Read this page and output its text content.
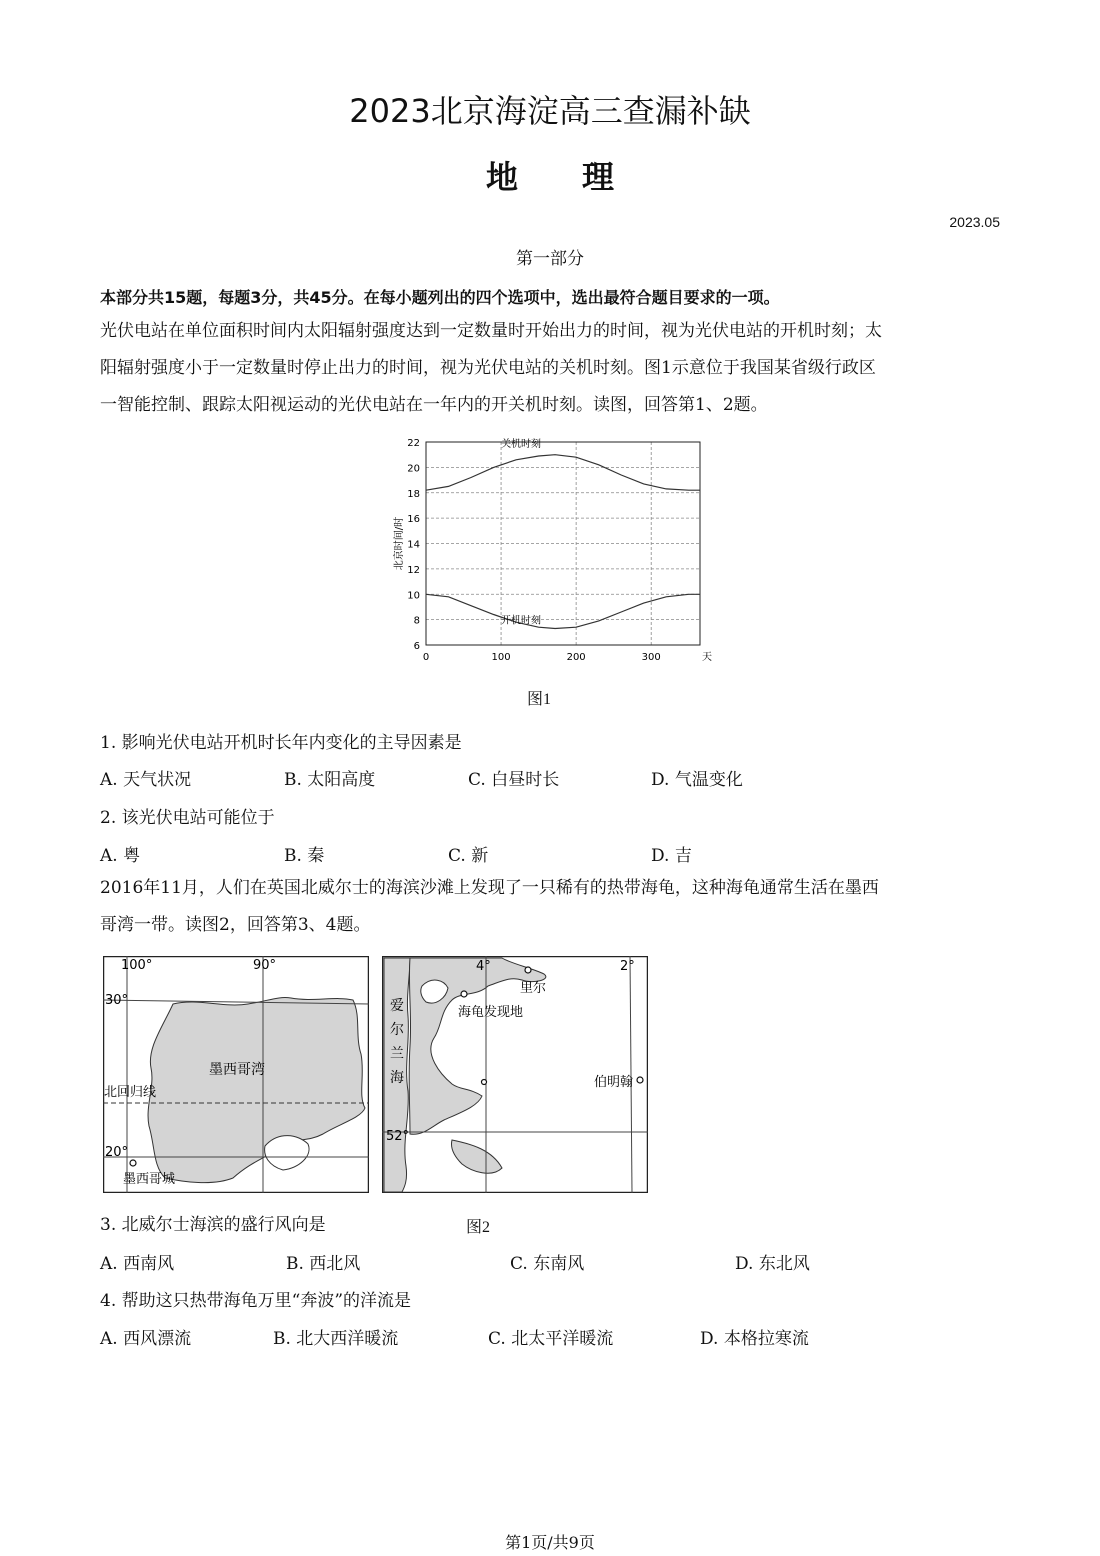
2023北京海淀高三查漏补缺
地 理
2023.05
第一部分
本部分共15题，每题3分，共45分。在每小题列出的四个选项中，选出最符合题目要求的一项。
光伏电站在单位面积时间内太阳辐射强度达到一定数量时开始出力的时间，视为光伏电站的开机时刻；太
阳辐射强度小于一定数量时停止出力的时间，视为光伏电站的关机时刻。图1示意位于我国某省级行政区
一智能控制、跟踪太阳视运动的光伏电站在一年内的开关机时刻。读图，回答第1、2题。
22
20
18
16
14
12
10
8
6
0	100	200	300	天
北京时间/时
关机时刻
开机时刻
图1
1. 影响光伏电站开机时长年内变化的主导因素是
A. 天气状况	B. 太阳高度	C. 白昼时长	D. 气温变化
2. 该光伏电站可能位于
A. 粤	B. 秦	C. 新	D. 吉
2016年11月，人们在英国北威尔士的海滨沙滩上发现了一只稀有的热带海龟，这种海龟通常生活在墨西
哥湾一带。读图2，回答第3、4题。
100°	90°
30°
20°
墨西哥湾
北回归线
墨西哥城
4°	2°
52°
爱
尔
兰
海
里尔
伯明翰
海龟发现地
3. 北威尔士海滨的盛行风向是	图2
A. 西南风	B. 西北风	C. 东南风	D. 东北风
4. 帮助这只热带海龟万里“奔波”的洋流是
A. 西风漂流	B. 北大西洋暖流	C. 北太平洋暖流	D. 本格拉寒流
第1页/共9页
